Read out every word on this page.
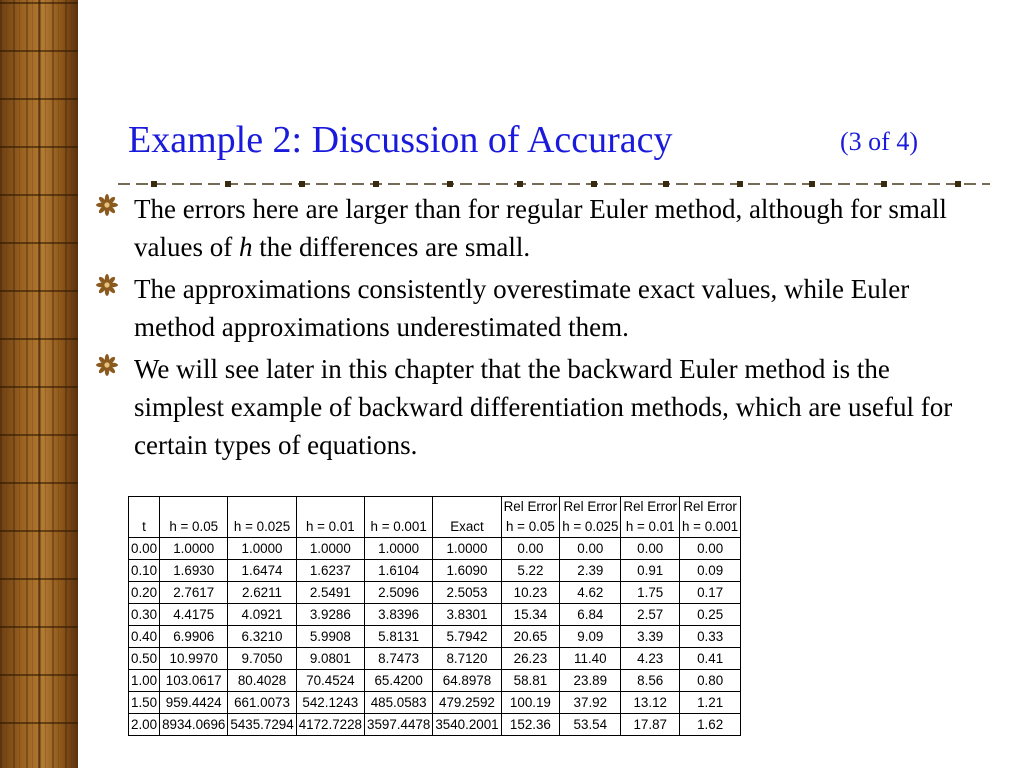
Example 2: Discussion of Accuracy	(3 of 4)
The errors here are larger than for regular Euler method, although for small values of h the differences are small.
The approximations consistently overestimate exact values, while Euler method approximations underestimated them.
We will see later in this chapter that the backward Euler method is the simplest example of backward differentiation methods, which are useful for certain types of equations.
						Rel Error	Rel Error	Rel Error	Rel Error
t	h = 0.05	h = 0.025	h = 0.01	h = 0.001	Exact	h = 0.05	h = 0.025	h = 0.01	h = 0.001
0.00	1.0000	1.0000	1.0000	1.0000	1.0000	0.00	0.00	0.00	0.00
0.10	1.6930	1.6474	1.6237	1.6104	1.6090	5.22	2.39	0.91	0.09
0.20	2.7617	2.6211	2.5491	2.5096	2.5053	10.23	4.62	1.75	0.17
0.30	4.4175	4.0921	3.9286	3.8396	3.8301	15.34	6.84	2.57	0.25
0.40	6.9906	6.3210	5.9908	5.8131	5.7942	20.65	9.09	3.39	0.33
0.50	10.9970	9.7050	9.0801	8.7473	8.7120	26.23	11.40	4.23	0.41
1.00	103.0617	80.4028	70.4524	65.4200	64.8978	58.81	23.89	8.56	0.80
1.50	959.4424	661.0073	542.1243	485.0583	479.2592	100.19	37.92	13.12	1.21
2.00	8934.0696	5435.7294	4172.7228	3597.4478	3540.2001	152.36	53.54	17.87	1.62
